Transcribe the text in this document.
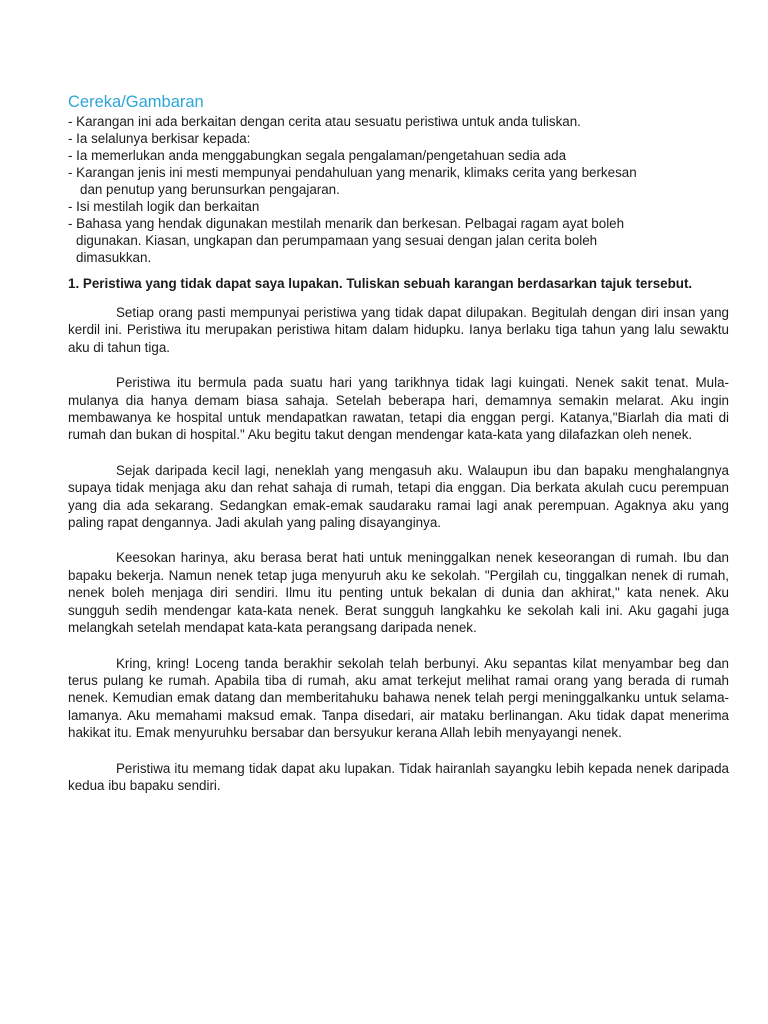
Cereka/Gambaran
- Karangan ini ada berkaitan dengan cerita atau sesuatu peristiwa untuk anda tuliskan.
- Ia selalunya berkisar kepada:
- Ia memerlukan anda menggabungkan segala pengalaman/pengetahuan sedia ada
- Karangan jenis ini mesti mempunyai pendahuluan yang menarik, klimaks cerita yang berkesan
dan penutup yang berunsurkan pengajaran.
- Isi mestilah logik dan berkaitan
- Bahasa yang hendak digunakan mestilah menarik dan berkesan. Pelbagai ragam ayat boleh
digunakan. Kiasan, ungkapan dan perumpamaan yang sesuai dengan jalan cerita boleh
dimasukkan.

1. Peristiwa yang tidak dapat saya lupakan. Tuliskan sebuah karangan berdasarkan tajuk tersebut.

Setiap orang pasti mempunyai peristiwa yang tidak dapat dilupakan. Begitulah dengan diri insan yang kerdil ini. Peristiwa itu merupakan peristiwa hitam dalam hidupku. Ianya berlaku tiga tahun yang lalu sewaktu aku di tahun tiga.

Peristiwa itu bermula pada suatu hari yang tarikhnya tidak lagi kuingati. Nenek sakit tenat. Mula-mulanya dia hanya demam biasa sahaja. Setelah beberapa hari, demamnya semakin melarat. Aku ingin membawanya ke hospital untuk mendapatkan rawatan, tetapi dia enggan pergi. Katanya,"Biarlah dia mati di rumah dan bukan di hospital." Aku begitu takut dengan mendengar kata-kata yang dilafazkan oleh nenek.

Sejak daripada kecil lagi, neneklah yang mengasuh aku. Walaupun ibu dan bapaku menghalangnya supaya tidak menjaga aku dan rehat sahaja di rumah, tetapi dia enggan. Dia berkata akulah cucu perempuan yang dia ada sekarang. Sedangkan emak-emak saudaraku ramai lagi anak perempuan. Agaknya aku yang paling rapat dengannya. Jadi akulah yang paling disayanginya.

Keesokan harinya, aku berasa berat hati untuk meninggalkan nenek keseorangan di rumah. Ibu dan bapaku bekerja. Namun nenek tetap juga menyuruh aku ke sekolah. "Pergilah cu, tinggalkan nenek di rumah, nenek boleh menjaga diri sendiri. Ilmu itu penting untuk bekalan di dunia dan akhirat," kata nenek. Aku sungguh sedih mendengar kata-kata nenek. Berat sungguh langkahku ke sekolah kali ini. Aku gagahi juga melangkah setelah mendapat kata-kata perangsang daripada nenek.

Kring, kring! Loceng tanda berakhir sekolah telah berbunyi. Aku sepantas kilat menyambar beg dan terus pulang ke rumah. Apabila tiba di rumah, aku amat terkejut melihat ramai orang yang berada di rumah nenek. Kemudian emak datang dan memberitahuku bahawa nenek telah pergi meninggalkanku untuk selama-lamanya. Aku memahami maksud emak. Tanpa disedari, air mataku berlinangan. Aku tidak dapat menerima hakikat itu. Emak menyuruhku bersabar dan bersyukur kerana Allah lebih menyayangi nenek.

Peristiwa itu memang tidak dapat aku lupakan. Tidak hairanlah sayangku lebih kepada nenek daripada kedua ibu bapaku sendiri.
